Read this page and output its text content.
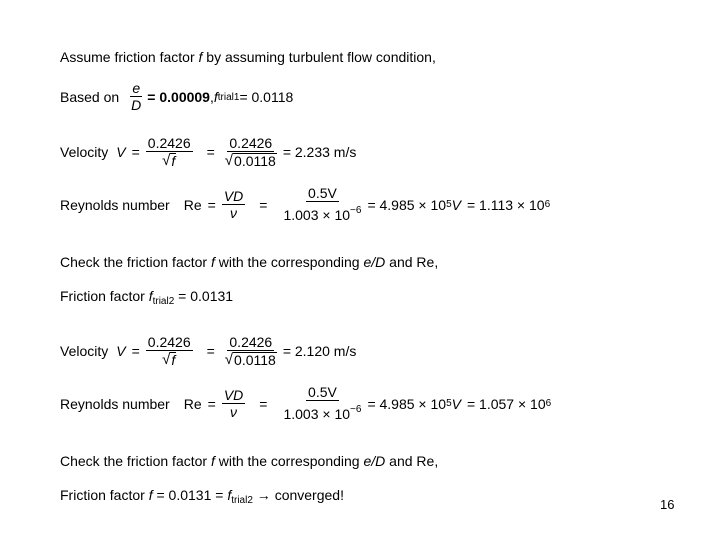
Assume friction factor f by assuming turbulent flow condition,
Based on $\frac{e}{D} = 0.00009$ , f trial1 = 0.0118
Velocity $V = \frac{0.2426}{√ f} = \frac{0.2426}{√ 0.0118} = 2.233$ m/s
Reynolds number $Re = \frac{VD}{\nu} = \frac{0.5V}{1.003 \times 10^{-6}} = 4.985 \times 10$ 5 V = 1.113 × 10 6
Check the friction factor f with the corresponding e/D and Re,
Friction factor $f_{trial2} = 0.0131$
Velocity $V = \frac{0.2426}{√ f} = \frac{0.2426}{√ 0.0118} = 2.120$ m/s
Reynolds number $Re = \frac{VD}{\nu} = \frac{0.5V}{1.003 \times 10^{-6}} = 4.985 \times 10$ 5 V = 1.057 × 10 6
Check the friction factor f with the corresponding e/D and Re,
Friction factor $f = 0.0131 = f_{trial2}$ → converged!
16
